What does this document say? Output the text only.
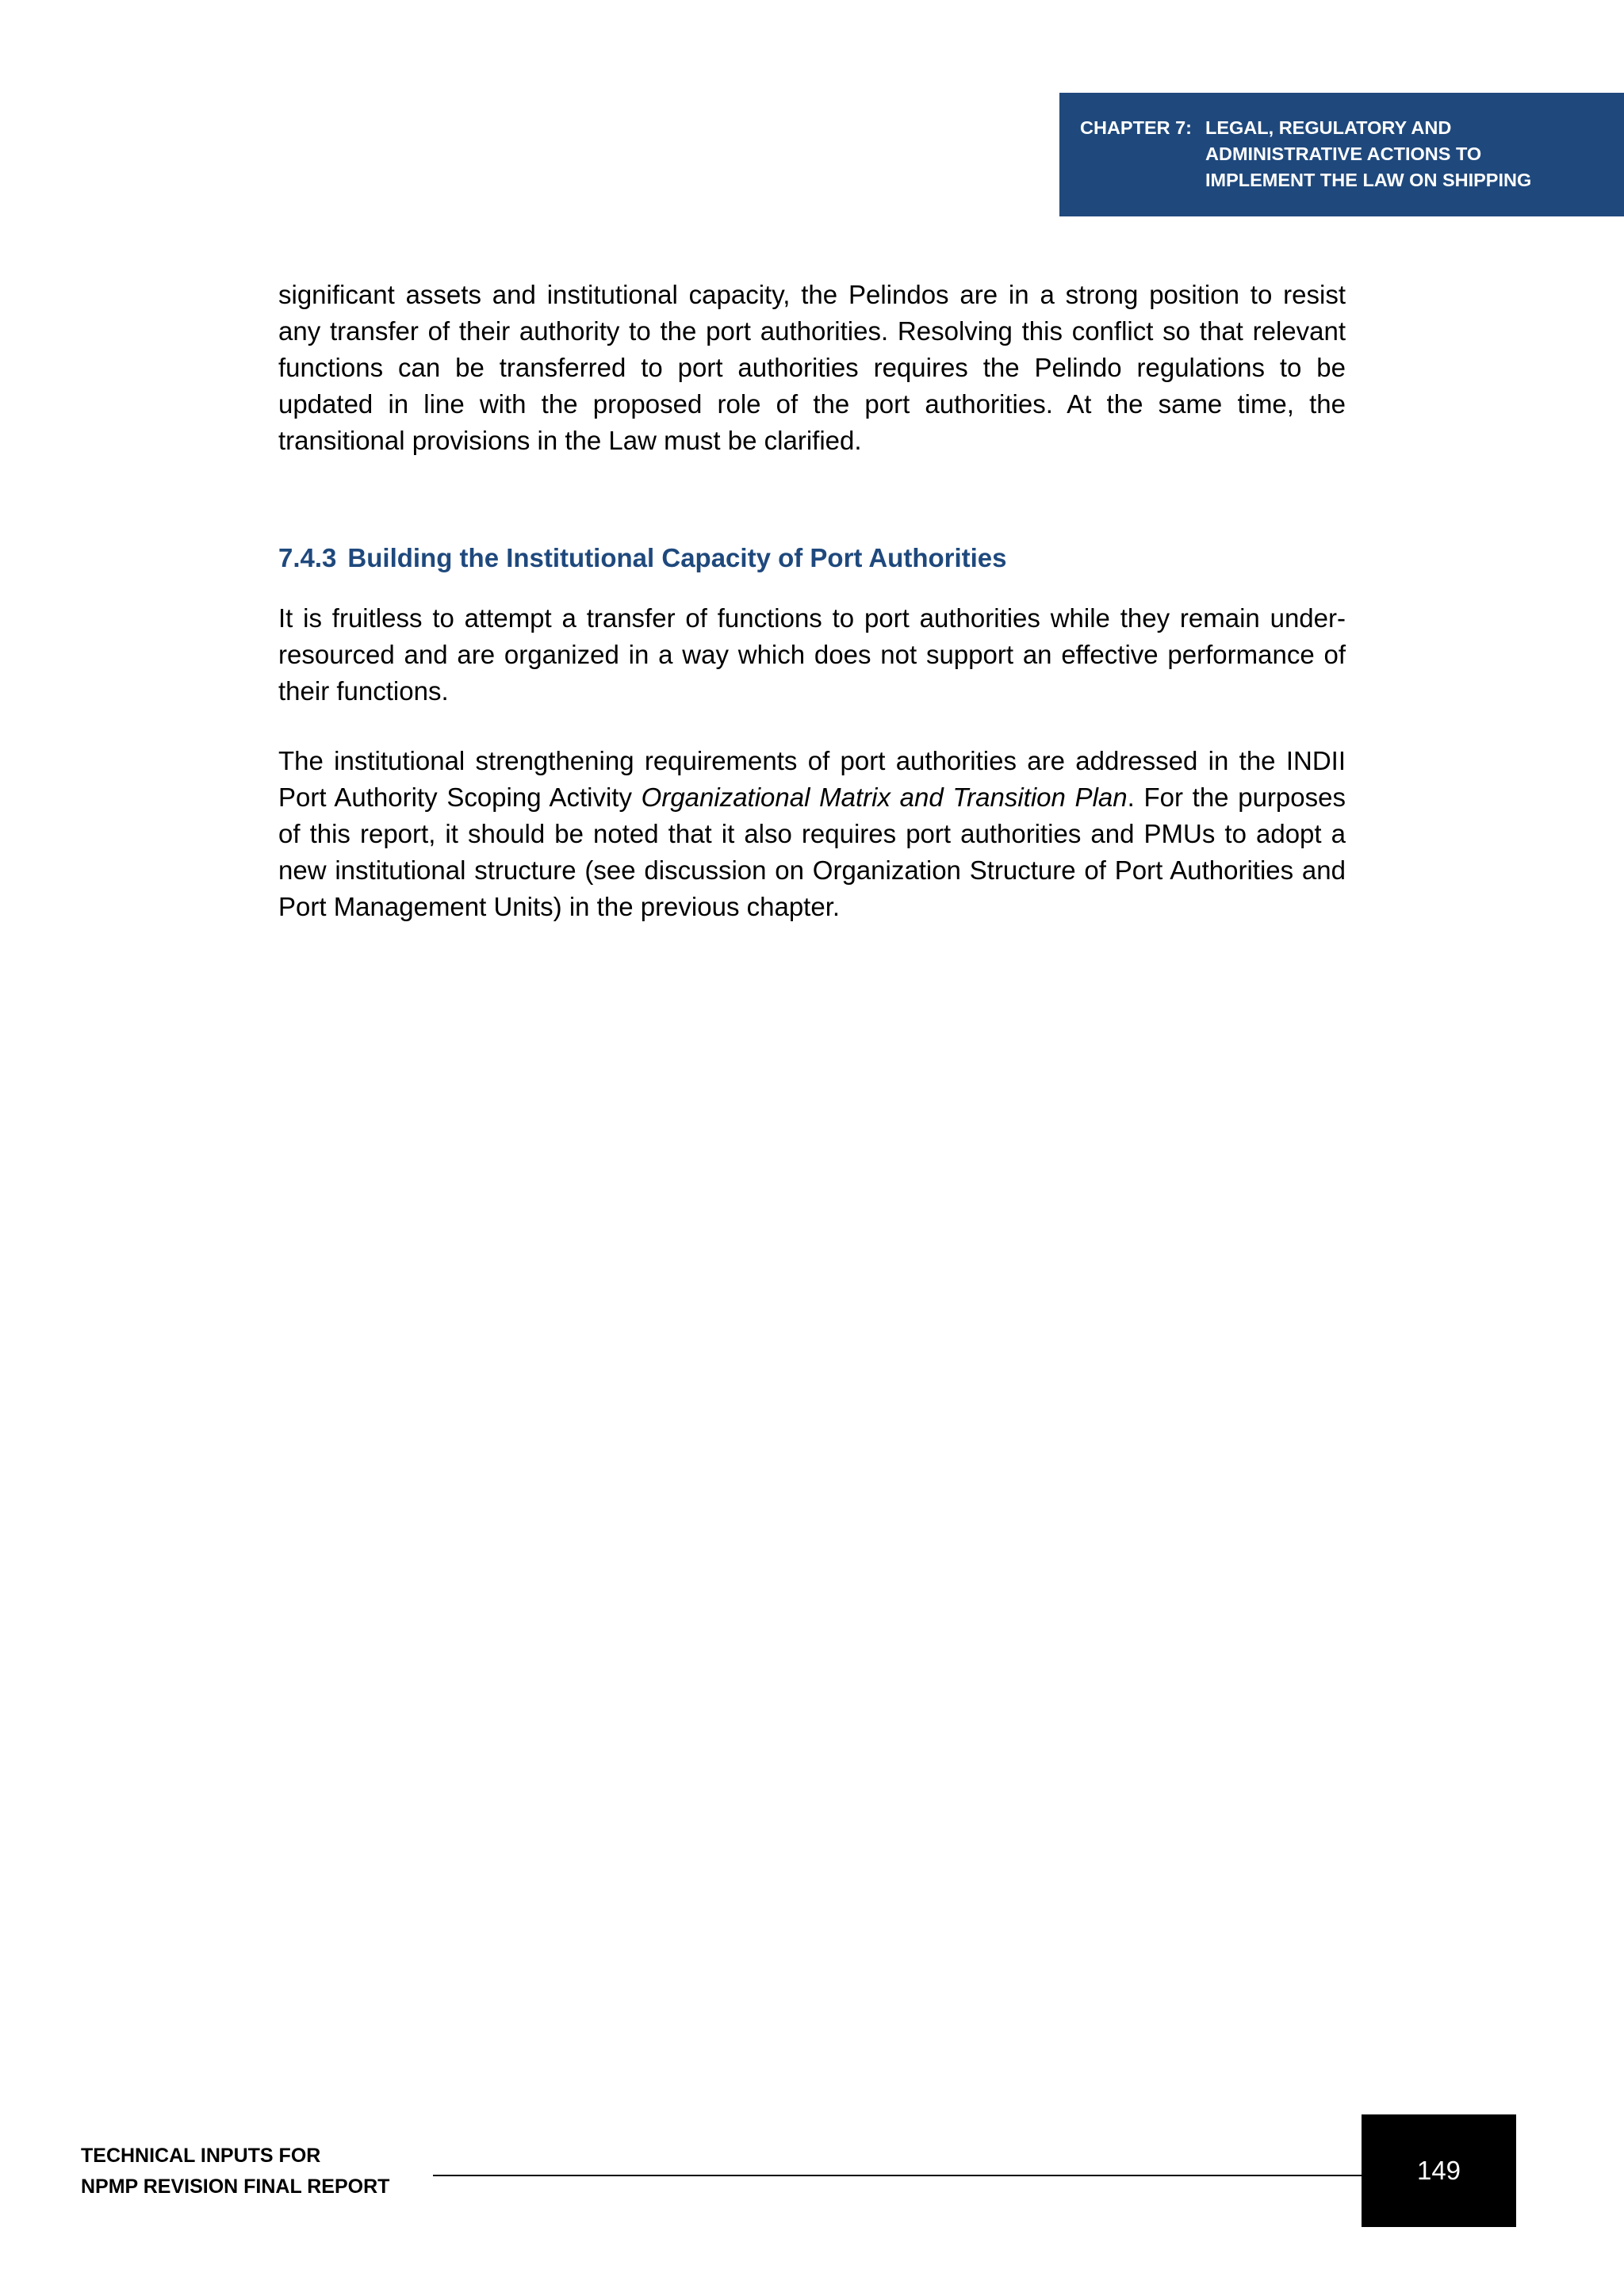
CHAPTER 7: LEGAL, REGULATORY AND
ADMINISTRATIVE ACTIONS TO
IMPLEMENT THE LAW ON SHIPPING

significant assets and institutional capacity, the Pelindos are in a strong position to resist any transfer of their authority to the port authorities. Resolving this conflict so that relevant functions can be transferred to port authorities requires the Pelindo regulations to be updated in line with the proposed role of the port authorities. At the same time, the transitional provisions in the Law must be clarified.

7.4.3 Building the Institutional Capacity of Port Authorities

It is fruitless to attempt a transfer of functions to port authorities while they remain under-resourced and are organized in a way which does not support an effective performance of their functions.

The institutional strengthening requirements of port authorities are addressed in the INDII Port Authority Scoping Activity Organizational Matrix and Transition Plan. For the purposes of this report, it should be noted that it also requires port authorities and PMUs to adopt a new institutional structure (see discussion on Organization Structure of Port Authorities and Port Management Units) in the previous chapter.

TECHNICAL INPUTS FOR
NPMP REVISION FINAL REPORT
149
